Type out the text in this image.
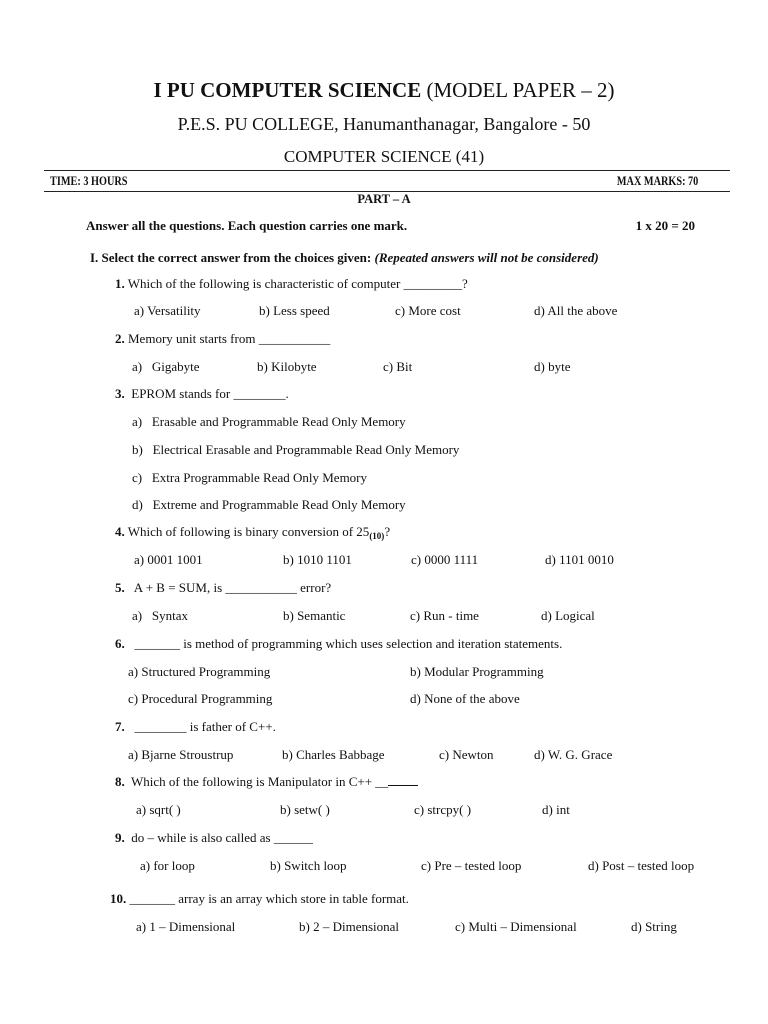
I PU COMPUTER SCIENCE (MODEL PAPER – 2)
P.E.S. PU COLLEGE, Hanumanthanagar, Bangalore - 50
COMPUTER SCIENCE (41)
TIME: 3 HOURS	MAX MARKS: 70
PART – A
Answer all the questions. Each question carries one mark.	1 x 20 = 20
I. Select the correct answer from the choices given: (Repeated answers will not be considered)
1. Which of the following is characteristic of computer _________?
a) Versatility	b) Less speed	c) More cost	d) All the above
2. Memory unit starts from ___________
a)   Gigabyte	b) Kilobyte	c) Bit	d) byte
3.  EPROM stands for ________.
a)   Erasable and Programmable Read Only Memory
b)   Electrical Erasable and Programmable Read Only Memory
c)   Extra Programmable Read Only Memory
d)   Extreme and Programmable Read Only Memory
4. Which of following is binary conversion of $25_{(10)}$?
a) 0001 1001	b) 1010 1101	c) 0000 1111	d) 1101 0010
5.   A + B = SUM, is ___________ error?
a)   Syntax	b) Semantic	c) Run - time	d) Logical
6.   _______ is method of programming which uses selection and iteration statements.
a) Structured Programming	b) Modular Programming
c) Procedural Programming	d) None of the above
7.   ________ is father of C++.
a) Bjarne Stroustrup	b) Charles Babbage	c) Newton	d) W. G. Grace
8.  Which of the following is Manipulator in C++ __
a) sqrt( )	b) setw( )	c) strcpy( )	d) int
9.  do – while is also called as ______
a) for loop	b) Switch loop	c) Pre – tested loop	d) Post – tested loop
10. _______ array is an array which store in table format.
a) 1 – Dimensional	b) 2 – Dimensional	c) Multi – Dimensional	d) String
